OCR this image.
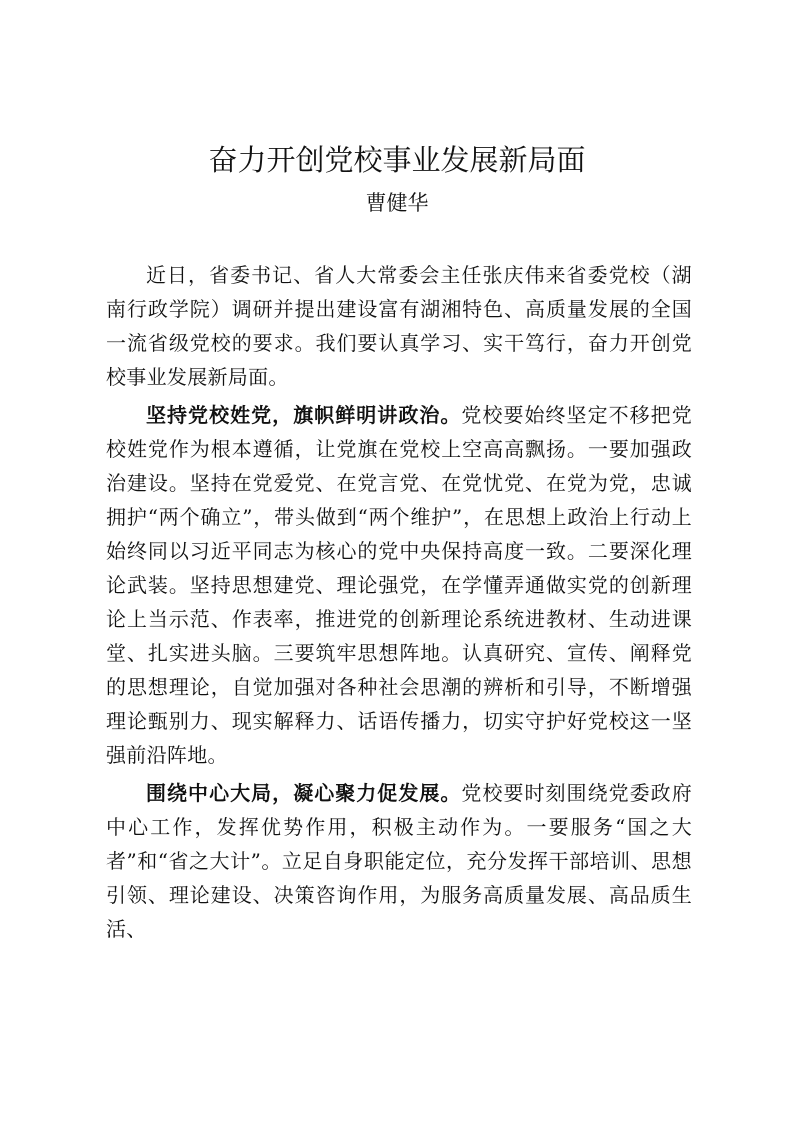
奋力开创党校事业发展新局面
曹健华

近日，省委书记、省人大常委会主任张庆伟来省委党校（湖南行政学院）调研并提出建设富有湖湘特色、高质量发展的全国一流省级党校的要求。我们要认真学习、实干笃行，奋力开创党校事业发展新局面。

坚持党校姓党，旗帜鲜明讲政治。党校要始终坚定不移把党校姓党作为根本遵循，让党旗在党校上空高高飘扬。一要加强政治建设。坚持在党爱党、在党言党、在党忧党、在党为党，忠诚拥护“两个确立”，带头做到“两个维护”，在思想上政治上行动上始终同以习近平同志为核心的党中央保持高度一致。二要深化理论武装。坚持思想建党、理论强党，在学懂弄通做实党的创新理论上当示范、作表率，推进党的创新理论系统进教材、生动进课堂、扎实进头脑。三要筑牢思想阵地。认真研究、宣传、阐释党的思想理论，自觉加强对各种社会思潮的辨析和引导，不断增强理论甄别力、现实解释力、话语传播力，切实守护好党校这一坚强前沿阵地。

围绕中心大局，凝心聚力促发展。党校要时刻围绕党委政府中心工作，发挥优势作用，积极主动作为。一要服务“国之大者”和“省之大计”。立足自身职能定位，充分发挥干部培训、思想引领、理论建设、决策咨询作用，为服务高质量发展、高品质生活、
